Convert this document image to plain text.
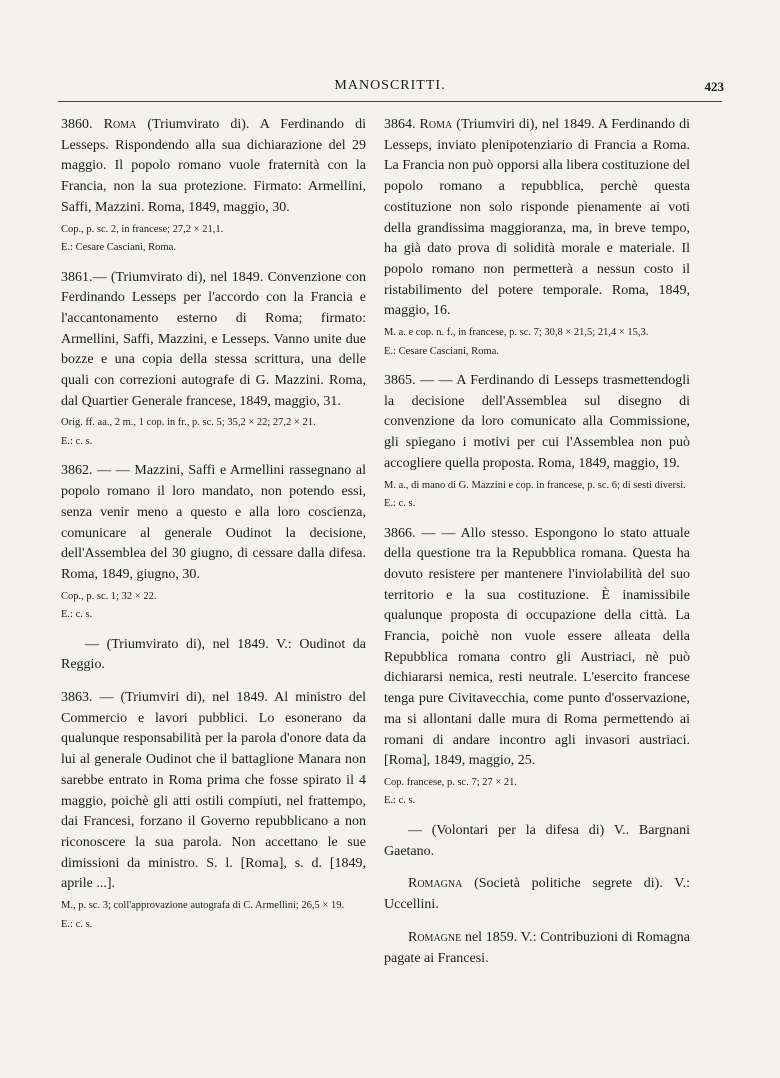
MANOSCRITTI.	423

3860. Roma (Triumvirato di). A Ferdinando di Lesseps. Rispondendo alla sua dichiarazione del 29 maggio. Il popolo romano vuole fraternità con la Francia, non la sua protezione. Firmato: Armellini, Saffi, Mazzini. Roma, 1849, maggio, 30.

Cop., p. sc. 2, in francese; 27,2 × 21,1.
E.: Cesare Casciani, Roma.

3861.— (Triumvirato di), nel 1849. Convenzione con Ferdinando Lesseps per l'accordo con la Francia e l'accantonamento esterno di Roma; firmato: Armellini, Saffi, Mazzini, e Lesseps. Vanno unite due bozze e una copia della stessa scrittura, una delle quali con correzioni autografe di G. Mazzini. Roma, dal Quartier Generale francese, 1849, maggio, 31.

Orig. ff. aa., 2 m., 1 cop. in fr., p. sc. 5; 35,2 × 22; 27,2 × 21.
E.: c. s.

3862. — — Mazzini, Saffi e Armellini rassegnano al popolo romano il loro mandato, non potendo essi, senza venir meno a questo e alla loro coscienza, comunicare al generale Oudinot la decisione, dell'Assemblea del 30 giugno, di cessare dalla difesa. Roma, 1849, giugno, 30.

Cop., p. sc. 1; 32 × 22.
E.: c. s.

— (Triumvirato di), nel 1849. V.: Oudinot da Reggio.

3863. — (Triumviri di), nel 1849. Al ministro del Commercio e lavori pubblici. Lo esonerano da qualunque responsabilità per la parola d'onore data da lui al generale Oudinot che il battaglione Manara non sarebbe entrato in Roma prima che fosse spirato il 4 maggio, poichè gli atti ostili compiuti, nel frattempo, dai Francesi, forzano il Governo repubblicano a non riconoscere la sua parola. Non accettano le sue dimissioni da ministro. S. l. [Roma], s. d. [1849, aprile ...].

M., p. sc. 3; coll'approvazione autografa di C. Armellini; 26,5 × 19.
E.: c. s.

3864. Roma (Triumviri di), nel 1849. A Ferdinando di Lesseps, inviato plenipotenziario di Francia a Roma. La Francia non può opporsi alla libera costituzione del popolo romano a repubblica, perchè questa costituzione non solo risponde pienamente ai voti della grandissima maggioranza, ma, in breve tempo, ha già dato prova di solidità morale e materiale. Il popolo romano non permetterà a nessun costo il ristabilimento del potere temporale. Roma, 1849, maggio, 16.

M. a. e cop. n. f., in francese, p. sc. 7; 30,8 × 21,5; 21,4 × 15,3.
E.: Cesare Casciani, Roma.

3865. — — A Ferdinando di Lesseps trasmettendogli la decisione dell'Assemblea sul disegno di convenzione da loro comunicato alla Commissione, gli spiegano i motivi per cui l'Assemblea non può accogliere quella proposta. Roma, 1849, maggio, 19.

M. a., di mano di G. Mazzini e cop. in francese, p. sc. 6; di sesti diversi.
E.: c. s.

3866. — — Allo stesso. Espongono lo stato attuale della questione tra la Repubblica romana. Questa ha dovuto resistere per mantenere l'inviolabilità del suo territorio e la sua costituzione. È inamissibile qualunque proposta di occupazione della città. La Francia, poichè non vuole essere alleata della Repubblica romana contro gli Austriaci, nè può dichiararsi nemica, resti neutrale. L'esercito francese tenga pure Civitavecchia, come punto d'osservazione, ma si allontani dalle mura di Roma permettendo ai romani di andare incontro agli invasori austriaci. [Roma], 1849, maggio, 25.

Cop. francese, p. sc. 7; 27 × 21.
E.: c. s.

— (Volontari per la difesa di) V.. Bargnani Gaetano.

Romagna (Società politiche segrete di). V.: Uccellini.

Romagne nel 1859. V.: Contribuzioni di Romagna pagate ai Francesi.
